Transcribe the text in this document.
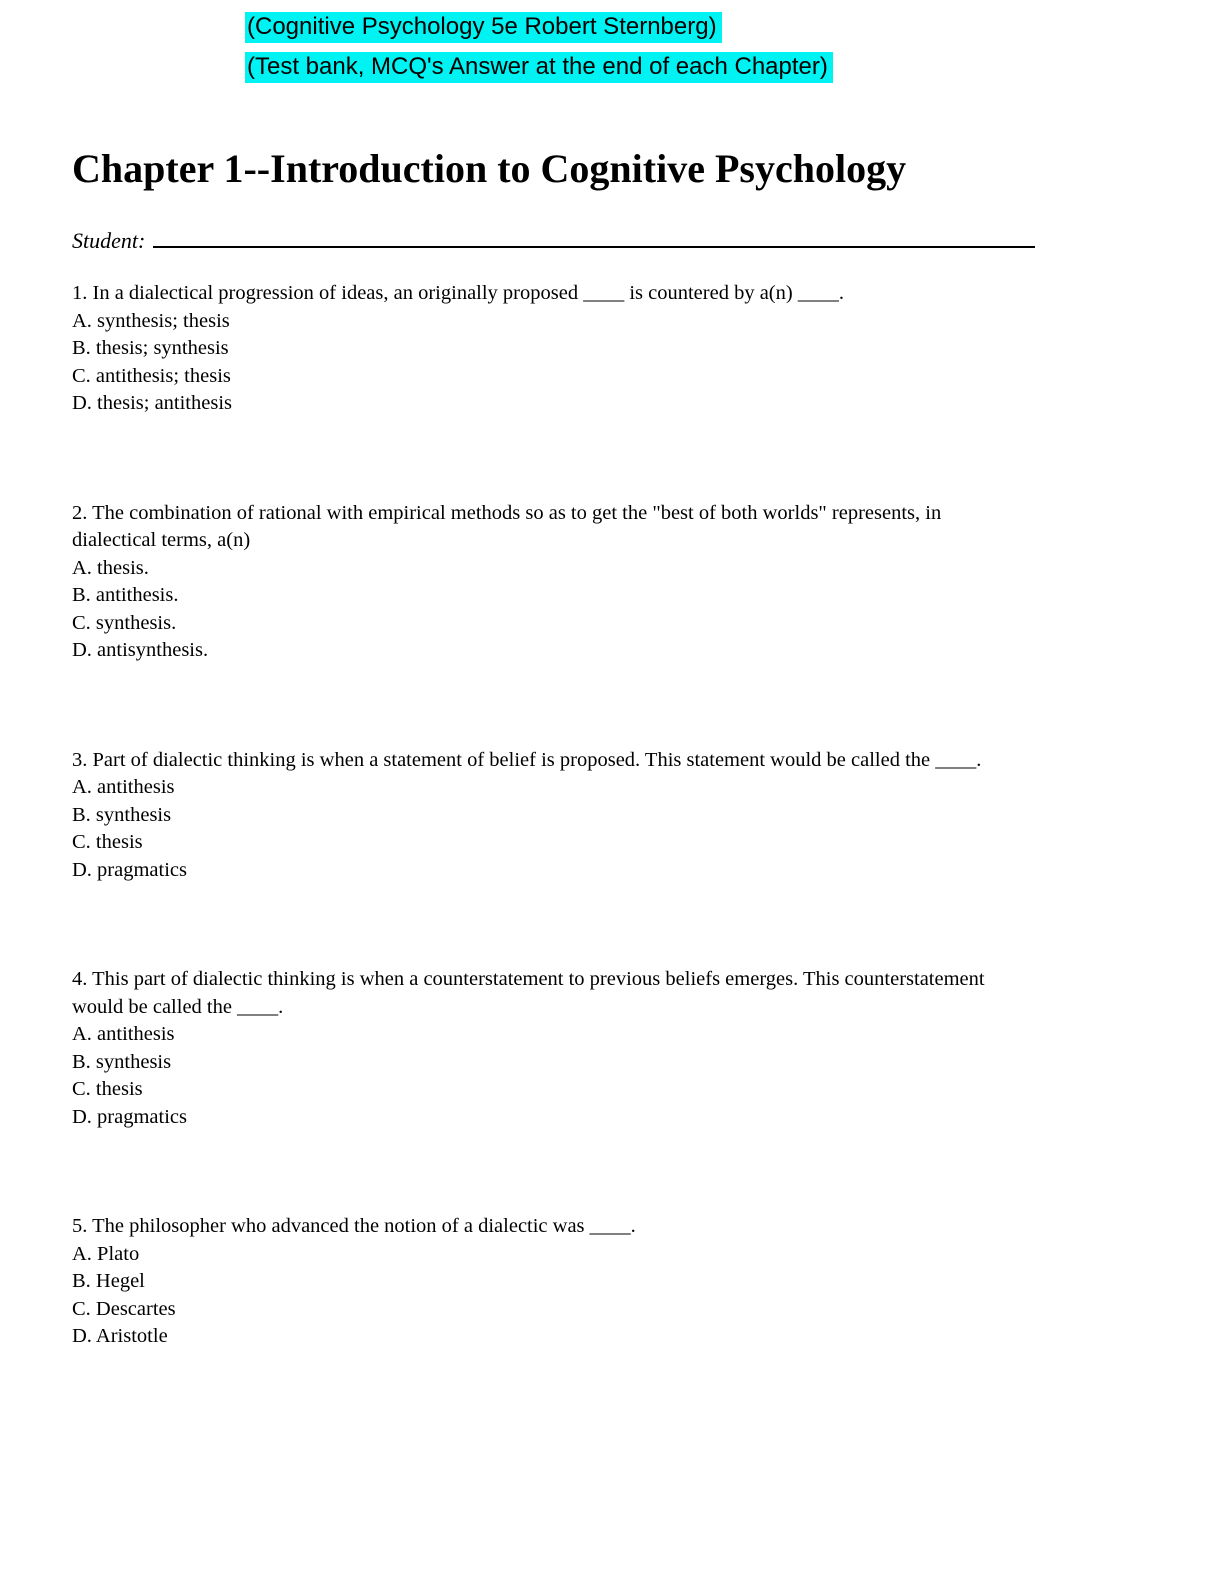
(Cognitive Psychology 5e Robert Sternberg)
(Test bank, MCQ's Answer at the end of each Chapter)
Chapter 1--Introduction to Cognitive Psychology
Student:
1. In a dialectical progression of ideas, an originally proposed ____ is countered by a(n) ____.
A. synthesis; thesis
B. thesis; synthesis
C. antithesis; thesis
D. thesis; antithesis
2. The combination of rational with empirical methods so as to get the "best of both worlds" represents, in
dialectical terms, a(n)
A. thesis.
B. antithesis.
C. synthesis.
D. antisynthesis.
3. Part of dialectic thinking is when a statement of belief is proposed. This statement would be called the ____.
A. antithesis
B. synthesis
C. thesis
D. pragmatics
4. This part of dialectic thinking is when a counterstatement to previous beliefs emerges. This counterstatement
would be called the ____.
A. antithesis
B. synthesis
C. thesis
D. pragmatics
5. The philosopher who advanced the notion of a dialectic was ____.
A. Plato
B. Hegel
C. Descartes
D. Aristotle
